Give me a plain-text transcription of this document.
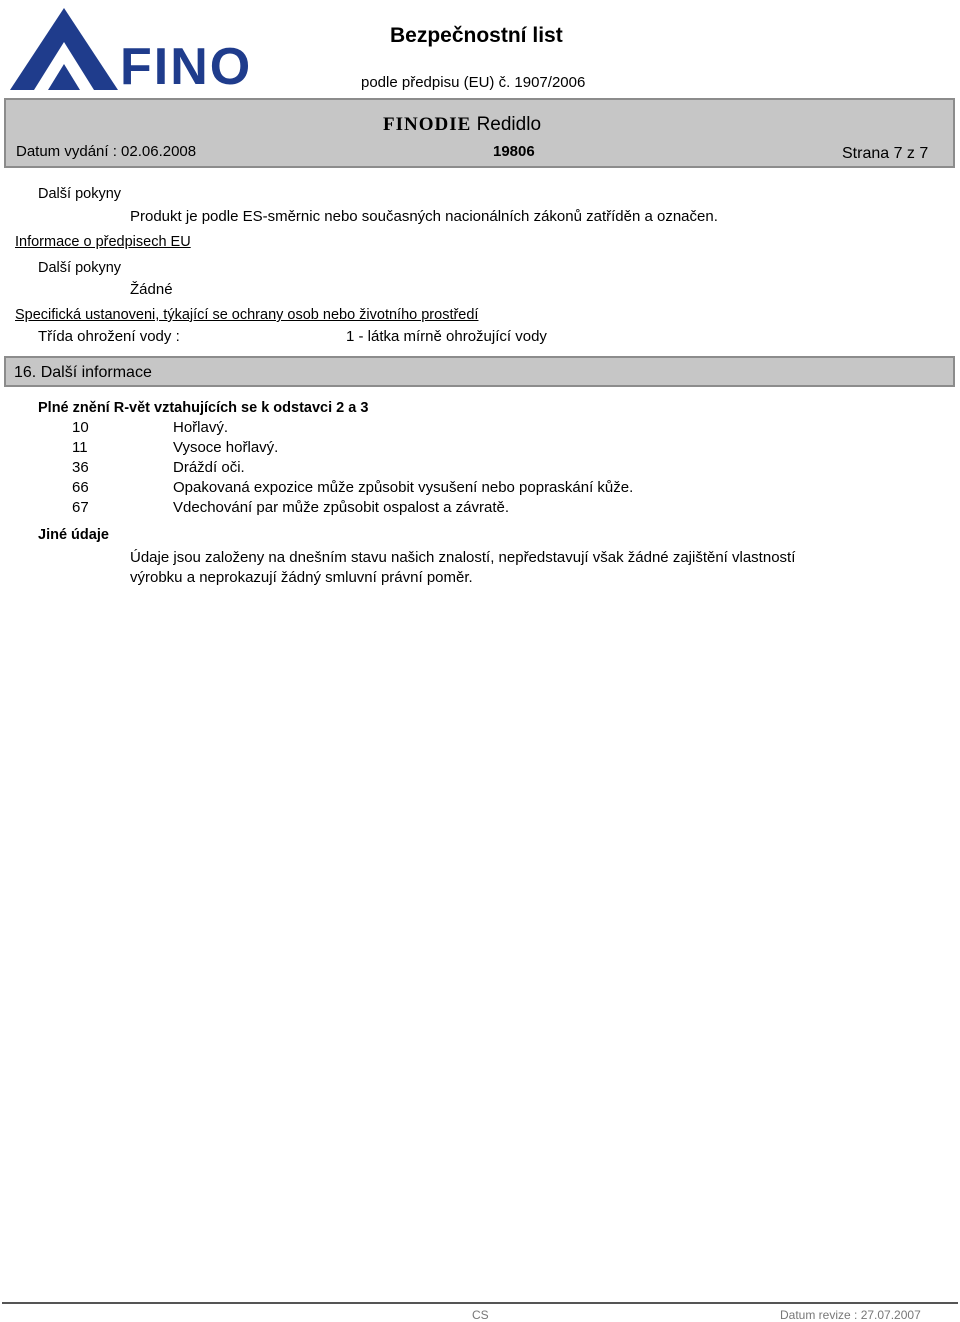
FINO
Bezpečnostní list
podle předpisu (EU) č. 1907/2006
FINODIE Redidlo
Datum vydání : 02.06.2008	19806	Strana 7 z 7
Další pokyny
Produkt je podle ES-směrnic nebo současných nacionálních zákonů zatříděn a označen.
Informace o předpisech EU
Další pokyny
Žádné
Specifická ustanoveni, týkající se ochrany osob nebo životního prostředí
Třída ohrožení vody :	1 - látka mírně ohrožující vody
16. Další informace
Plné znění R-vět vztahujících se k odstavci 2 a 3
10	Hořlavý.
11	Vysoce hořlavý.
36	Dráždí oči.
66	Opakovaná expozice může způsobit vysušení nebo popraskání kůže.
67	Vdechování par může způsobit ospalost a závratě.
Jiné údaje
Údaje jsou založeny na dnešním stavu našich znalostí, nepředstavují však žádné zajištění vlastností
výrobku a neprokazují žádný smluvní právní poměr.
CS	Datum revize : 27.07.2007
